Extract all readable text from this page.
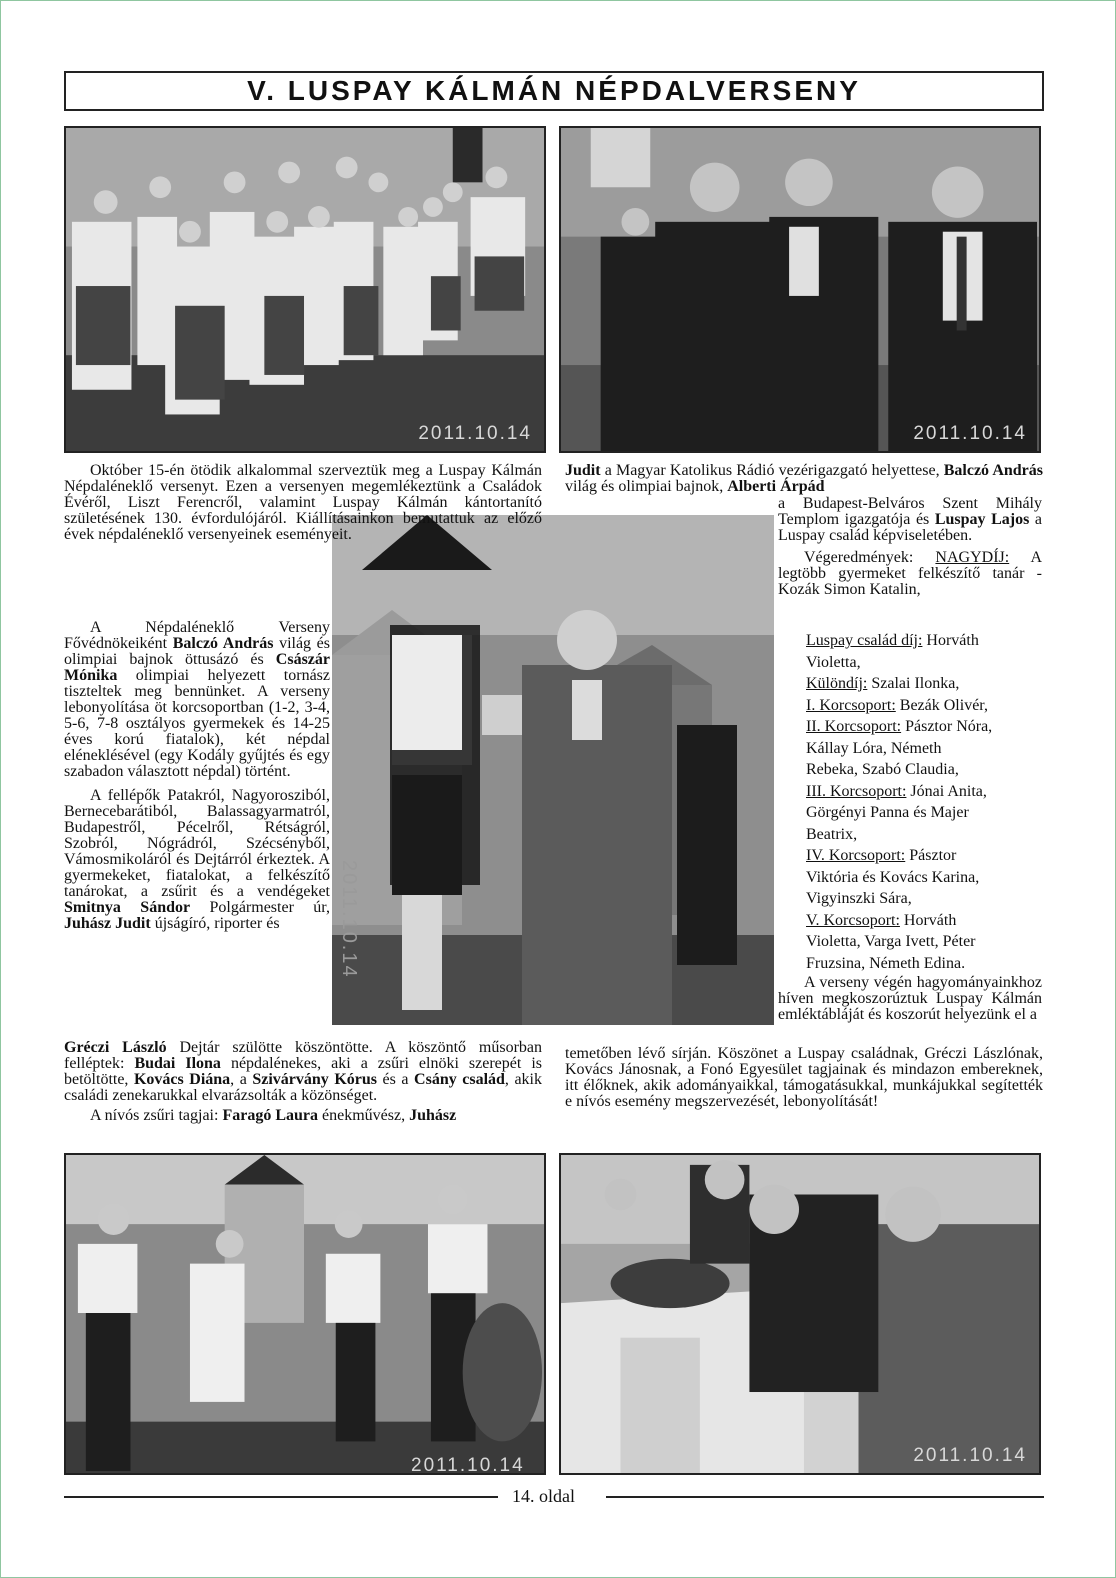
V. LUSPAY KÁLMÁN NÉPDALVERSENY
2011.10.14	2011.10.14
2011.10.14
2011.10.14	2011.10.14

Október 15-én ötödik alkalommal szerveztük meg a Luspay Kálmán Népdaléneklő versenyt. Ezen a versenyen megemlékeztünk a Családok Évéről, Liszt Ferencről, valamint Luspay Kálmán kántortanító születésének 130. évfordulójáról. Kiállításainkon bemutattuk az előző évek népdaléneklő versenyeinek eseményeit.

A Népdaléneklő Verseny Fővédnökeiként Balczó András világ és olimpiai bajnok öttusázó és Császár Mónika olimpiai helyezett tornász tiszteltek meg bennünket. A verseny lebonyolítása öt korcsoportban (1-2, 3-4, 5-6, 7-8 osztályos gyermekek és 14-25 éves korú fiatalok), két népdal eléneklésével (egy Kodály gyűjtés és egy szabadon választott népdal) történt.

A fellépők Patakról, Nagyorosziból, Bernecebarátiból, Balassagyarmatról, Budapestről, Pécelről, Rétságról, Szobról, Nógrádról, Szécsényből, Vámosmikoláról és Dejtárról érkeztek. A gyermekeket, fiatalokat, a felkészítő tanárokat, a zsűrit és a vendégeket Smitnya Sándor Polgármester úr, Juhász Judit újságíró, riporter és

Gréczi László Dejtár szülötte köszöntötte. A köszöntő műsorban felléptek: Budai Ilona népdalénekes, aki a zsűri elnöki szerepét is betöltötte, Kovács Diána, a Szivárvány Kórus és a Csány család, akik családi zenekarukkal elvarázsolták a közönséget.

A nívós zsűri tagjai: Faragó Laura énekművész, Juhász

Judit a Magyar Katolikus Rádió vezérigazgató helyettese, Balczó András világ és olimpiai bajnok, Alberti Árpád

a Budapest-Belváros Szent Mihály Templom igazgatója és Luspay Lajos a Luspay család képviseletében.

Végeredmények: NAGYDÍJ: A legtöbb gyermeket felkészítő tanár - Kozák Simon Katalin,

Luspay család díj: Horváth
Violetta,
Különdíj: Szalai Ilonka,
I. Korcsoport: Bezák Olivér,
II. Korcsoport: Pásztor Nóra,
Kállay Lóra, Németh
Rebeka, Szabó Claudia,
III. Korcsoport: Jónai Anita,
Görgényi Panna és Majer
Beatrix,
IV. Korcsoport: Pásztor
Viktória és Kovács Karina,
Vigyinszki Sára,
V. Korcsoport: Horváth
Violetta, Varga Ivett, Péter
Fruzsina, Németh Edina.

A verseny végén hagyományainkhoz híven megkoszorúztuk Luspay Kálmán emléktábláját és koszorút helyezünk el a

temetőben lévő sírján. Köszönet a Luspay családnak, Gréczi Lászlónak, Kovács Jánosnak, a Fonó Egyesület tagjainak és mindazon embereknek, itt élőknek, akik adományaikkal, támogatásukkal, munkájukkal segítették e nívós esemény megszervezését, lebonyolítását!

14. oldal
